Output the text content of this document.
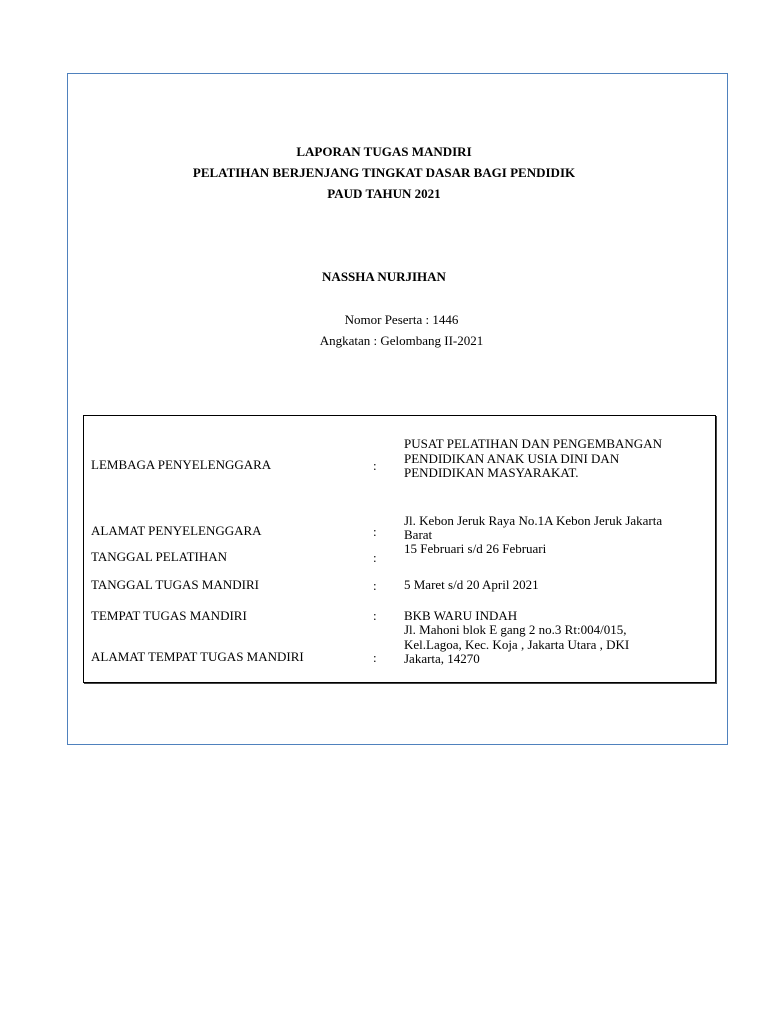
LAPORAN TUGAS MANDIRI
PELATIHAN BERJENJANG TINGKAT DASAR BAGI PENDIDIK
PAUD TAHUN 2021
NASSHA NURJIHAN
Nomor Peserta : 1446
Angkatan : Gelombang II-2021
LEMBAGA PENYELENGGARA	:
PUSAT PELATIHAN DAN PENGEMBANGAN
PENDIDIKAN ANAK USIA DINI DAN
PENDIDIKAN MASYARAKAT.
ALAMAT PENYELENGGARA	:
Jl. Kebon Jeruk Raya No.1A Kebon Jeruk Jakarta
Barat
TANGGAL PELATIHAN	:
15 Februari s/d 26 Februari
TANGGAL TUGAS MANDIRI	: 5 Maret s/d 20 April 2021
TEMPAT TUGAS MANDIRI	: BKB WARU INDAH
ALAMAT TEMPAT TUGAS MANDIRI	:
Jl. Mahoni blok E gang 2 no.3 Rt:004/015,
Kel.Lagoa, Kec. Koja , Jakarta Utara , DKI
Jakarta, 14270
